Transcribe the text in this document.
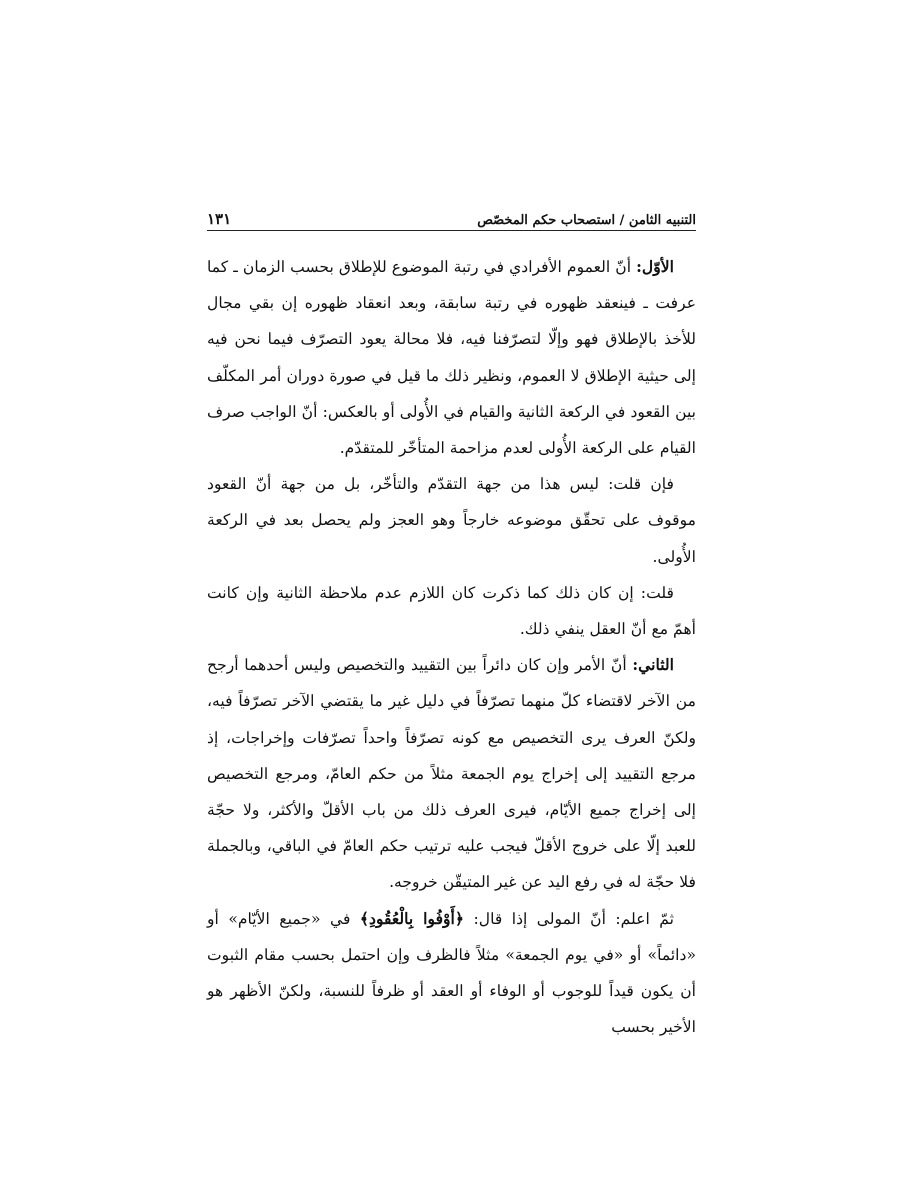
التنبيه الثامن / استصحاب حكم المخصّص
١٣١

الأوّل: أنّ العموم الأفرادي في رتبة الموضوع للإطلاق بحسب الزمان ـ كما عرفت ـ فينعقد ظهوره في رتبة سابقة، وبعد انعقاد ظهوره إن بقي مجال للأخذ بالإطلاق فهو وإلّا لتصرّفنا فيه، فلا محالة يعود التصرّف فيما نحن فيه إلى حيثية الإطلاق لا العموم، ونظير ذلك ما قيل في صورة دوران أمر المكلّف بين القعود في الركعة الثانية والقيام في الأُولى أو بالعكس: أنّ الواجب صرف القيام على الركعة الأُولى لعدم مزاحمة المتأخّر للمتقدّم.

فإن قلت: ليس هذا من جهة التقدّم والتأخّر، بل من جهة أنّ القعود موقوف على تحقّق موضوعه خارجاً وهو العجز ولم يحصل بعد في الركعة الأُولى.

قلت: إن كان ذلك كما ذكرت كان اللازم عدم ملاحظة الثانية وإن كانت أهمّ مع أنّ العقل ينفي ذلك.

الثاني: أنّ الأمر وإن كان دائراً بين التقييد والتخصيص وليس أحدهما أرجح من الآخر لاقتضاء كلّ منهما تصرّفاً في دليل غير ما يقتضي الآخر تصرّفاً فيه، ولكنّ العرف يرى التخصيص مع كونه تصرّفاً واحداً تصرّفات وإخراجات، إذ مرجع التقييد إلى إخراج يوم الجمعة مثلاً من حكم العامّ، ومرجع التخصيص إلى إخراج جميع الأيّام، فيرى العرف ذلك من باب الأقلّ والأكثر، ولا حجّة للعبد إلّا على خروج الأقلّ فيجب عليه ترتيب حكم العامّ في الباقي، وبالجملة فلا حجّة له في رفع اليد عن غير المتيقّن خروجه.

ثمّ اعلم: أنّ المولى إذا قال: ﴿أَوْفُوا بِالْعُقُودِ﴾ في «جميع الأيّام» أو «دائماً» أو «في يوم الجمعة» مثلاً فالظرف وإن احتمل بحسب مقام الثبوت أن يكون قيداً للوجوب أو الوفاء أو العقد أو ظرفاً للنسبة، ولكنّ الأظهر هو الأخير بحسب
